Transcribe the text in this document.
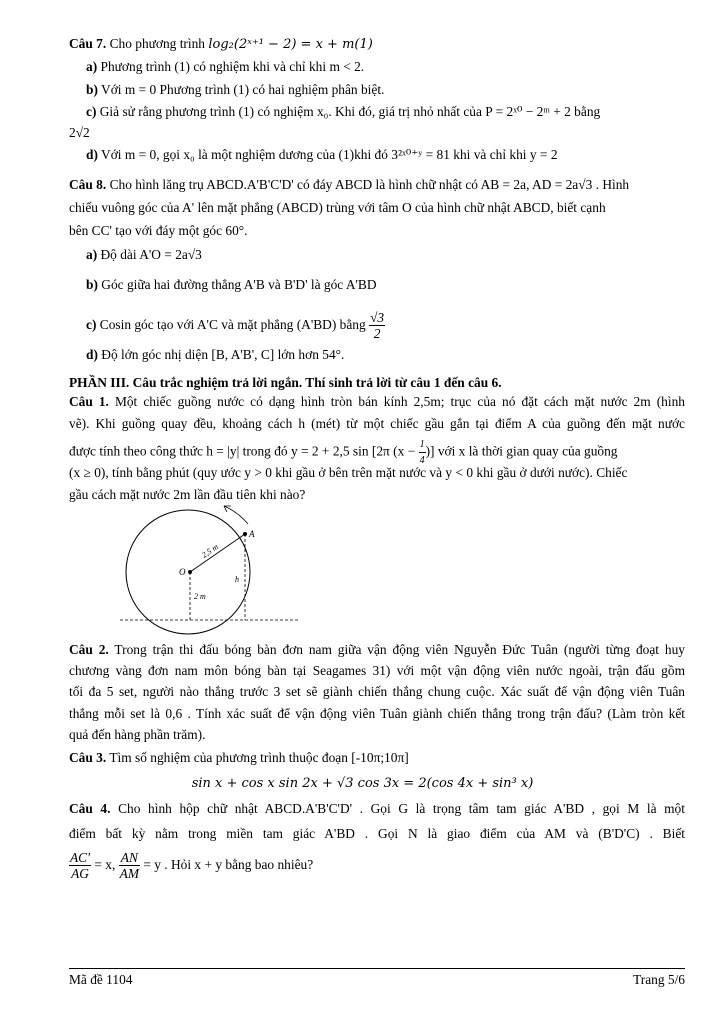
Câu 7. Cho phương trình log₂(2ˣ⁺¹ − 2) = x + m(1)
a) Phương trình (1) có nghiệm khi và chỉ khi m < 2.
b) Với m = 0 Phương trình (1) có hai nghiệm phân biệt.
c) Giả sử rằng phương trình (1) có nghiệm x₀. Khi đó, giá trị nhỏ nhất của P = 2ˣ⁰ − 2ᵐ + 2 bằng
2√2
d) Với m = 0, gọi x₀ là một nghiệm dương của (1)khi đó 3²ˣ⁰⁺ʸ = 81 khi và chỉ khi y = 2
Câu 8. Cho hình lăng trụ ABCD.A'B'C'D' có đáy ABCD là hình chữ nhật có AB = 2a, AD = 2a√3 . Hình
chiếu vuông góc của A' lên mặt phẳng (ABCD) trùng với tâm O của hình chữ nhật ABCD, biết cạnh
bên CC' tạo với đáy một góc 60°.
a) Độ dài A'O = 2a√3
b) Góc giữa hai đường thẳng A'B và B'D' là góc A'BD
c) Cosin góc tạo với A'C và mặt phẳng (A'BD) bằng $\frac{√3}{2}$
d) Độ lớn góc nhị diện [B, A'B', C] lớn hơn 54°.
PHẦN III. Câu trắc nghiệm trả lời ngắn. Thí sinh trả lời từ câu 1 đến câu 6.
Câu 1. Một chiếc guồng nước có dạng hình tròn bán kính 2,5m; trục của nó đặt cách mặt nước 2m (hình
vẽ). Khi guồng quay đều, khoảng cách h (mét) từ một chiếc gầu gắn tại điểm A của guồng đến mặt nước
được tính theo công thức h = |y| trong đó y = 2 + 2,5 sin [2π ($x - \frac{1}{4}$ )] với x là thời gian quay của guồng
(x ≥ 0), tính bằng phút (quy ước y > 0 khi gầu ở bên trên mặt nước và y < 0 khi gầu ở dưới nước). Chiếc
gầu cách mặt nước 2m lần đầu tiên khi nào?
O
A
2,5 m
2 m
h
Câu 2. Trong trận thi đấu bóng bàn đơn nam giữa vận động viên Nguyễn Đức Tuân (người từng đoạt huy
chương vàng đơn nam môn bóng bàn tại Seagames 31) với một vận động viên nước ngoài, trận đấu gồm
tối đa 5 set, người nào thắng trước 3 set sẽ giành chiến thắng chung cuộc. Xác suất để vận động viên Tuân
thắng mỗi set là 0,6 . Tính xác suất để vận động viên Tuân giành chiến thắng trong trận đấu? (Làm tròn kết
quả đến hàng phần trăm).
Câu 3. Tìm số nghiệm của phương trình thuộc đoạn [-10π;10π]
sin x + cos x sin 2x + √3 cos 3x = 2(cos 4x + sin³ x)
Câu 4. Cho hình hộp chữ nhật ABCD.A'B'C'D' . Gọi G là trọng tâm tam giác A'BD , gọi M là một
điểm bất kỳ nằm trong miền tam giác A'BD . Gọi N là giao điểm của AM và (B'D'C) . Biết
$\frac{AC'}{AG} = x$, $\frac{AN}{AM} = y$ . Hỏi x + y bằng bao nhiêu?
Mã đề 1104	Trang 5/6
